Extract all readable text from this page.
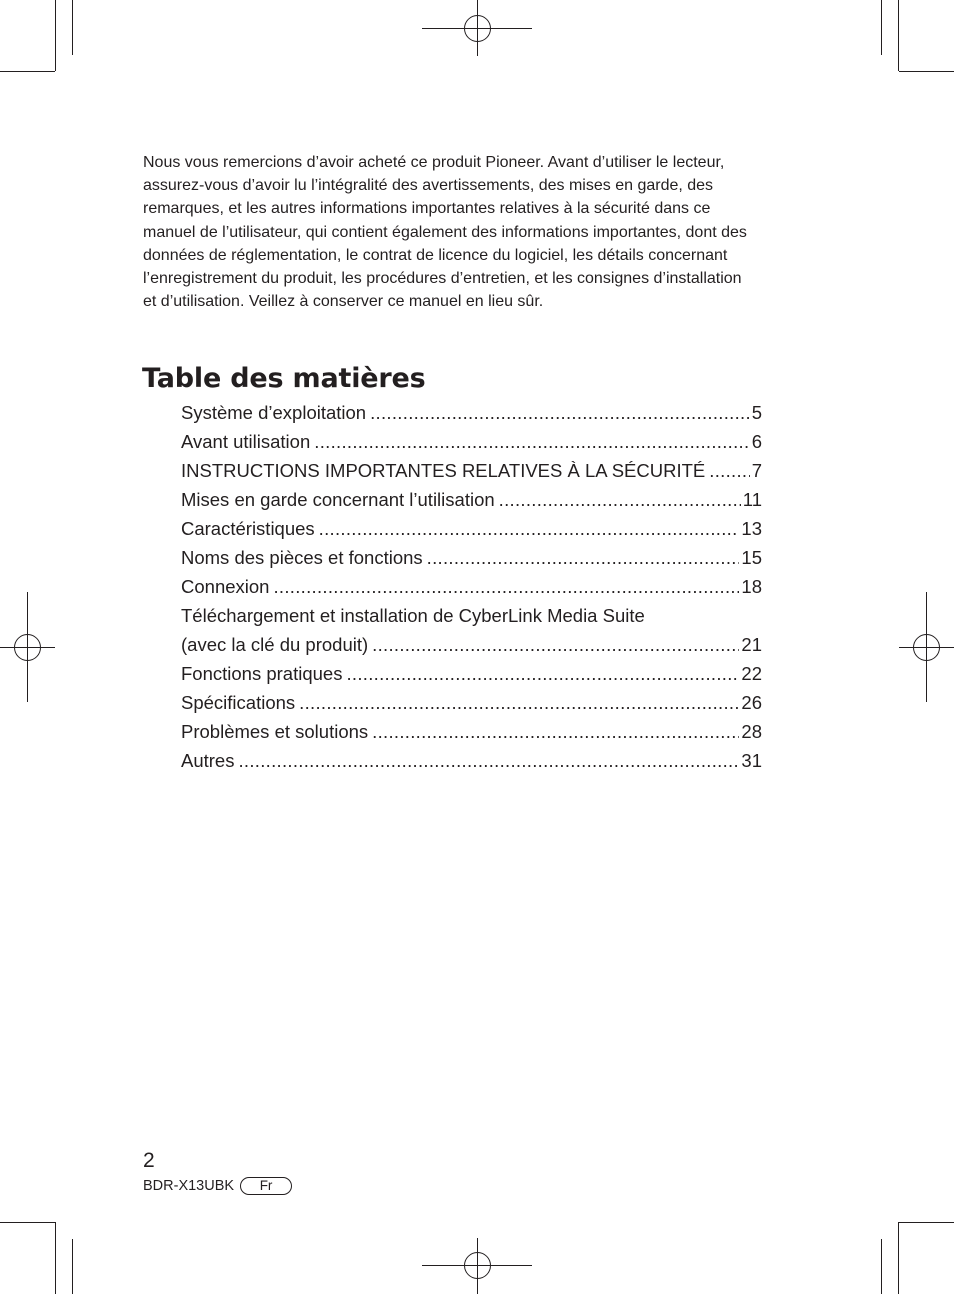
Nous vous remercions d’avoir acheté ce produit Pioneer. Avant d’utiliser le lecteur,
assurez-vous d’avoir lu l’intégralité des avertissements, des mises en garde, des
remarques, et les autres informations importantes relatives à la sécurité dans ce
manuel de l’utilisateur, qui contient également des informations importantes, dont des
données de réglementation, le contrat de licence du logiciel, les détails concernant
l’enregistrement du produit, les procédures d’entretien, et les consignes d’installation
et d’utilisation. Veillez à conserver ce manuel en lieu sûr.

Table des matières
Système d’exploitation .....	5
Avant utilisation .....	6
INSTRUCTIONS IMPORTANTES RELATIVES À LA SÉCURITÉ .....	7
Mises en garde concernant l’utilisation .....	11
Caractéristiques .....	13
Noms des pièces et fonctions .....	15
Connexion .....	18
Téléchargement et installation de CyberLink Media Suite
(avec la clé du produit) .....	21
Fonctions pratiques .....	22
Spécifications .....	26
Problèmes et solutions .....	28
Autres .....	31
2
BDR-X13UBK	Fr
